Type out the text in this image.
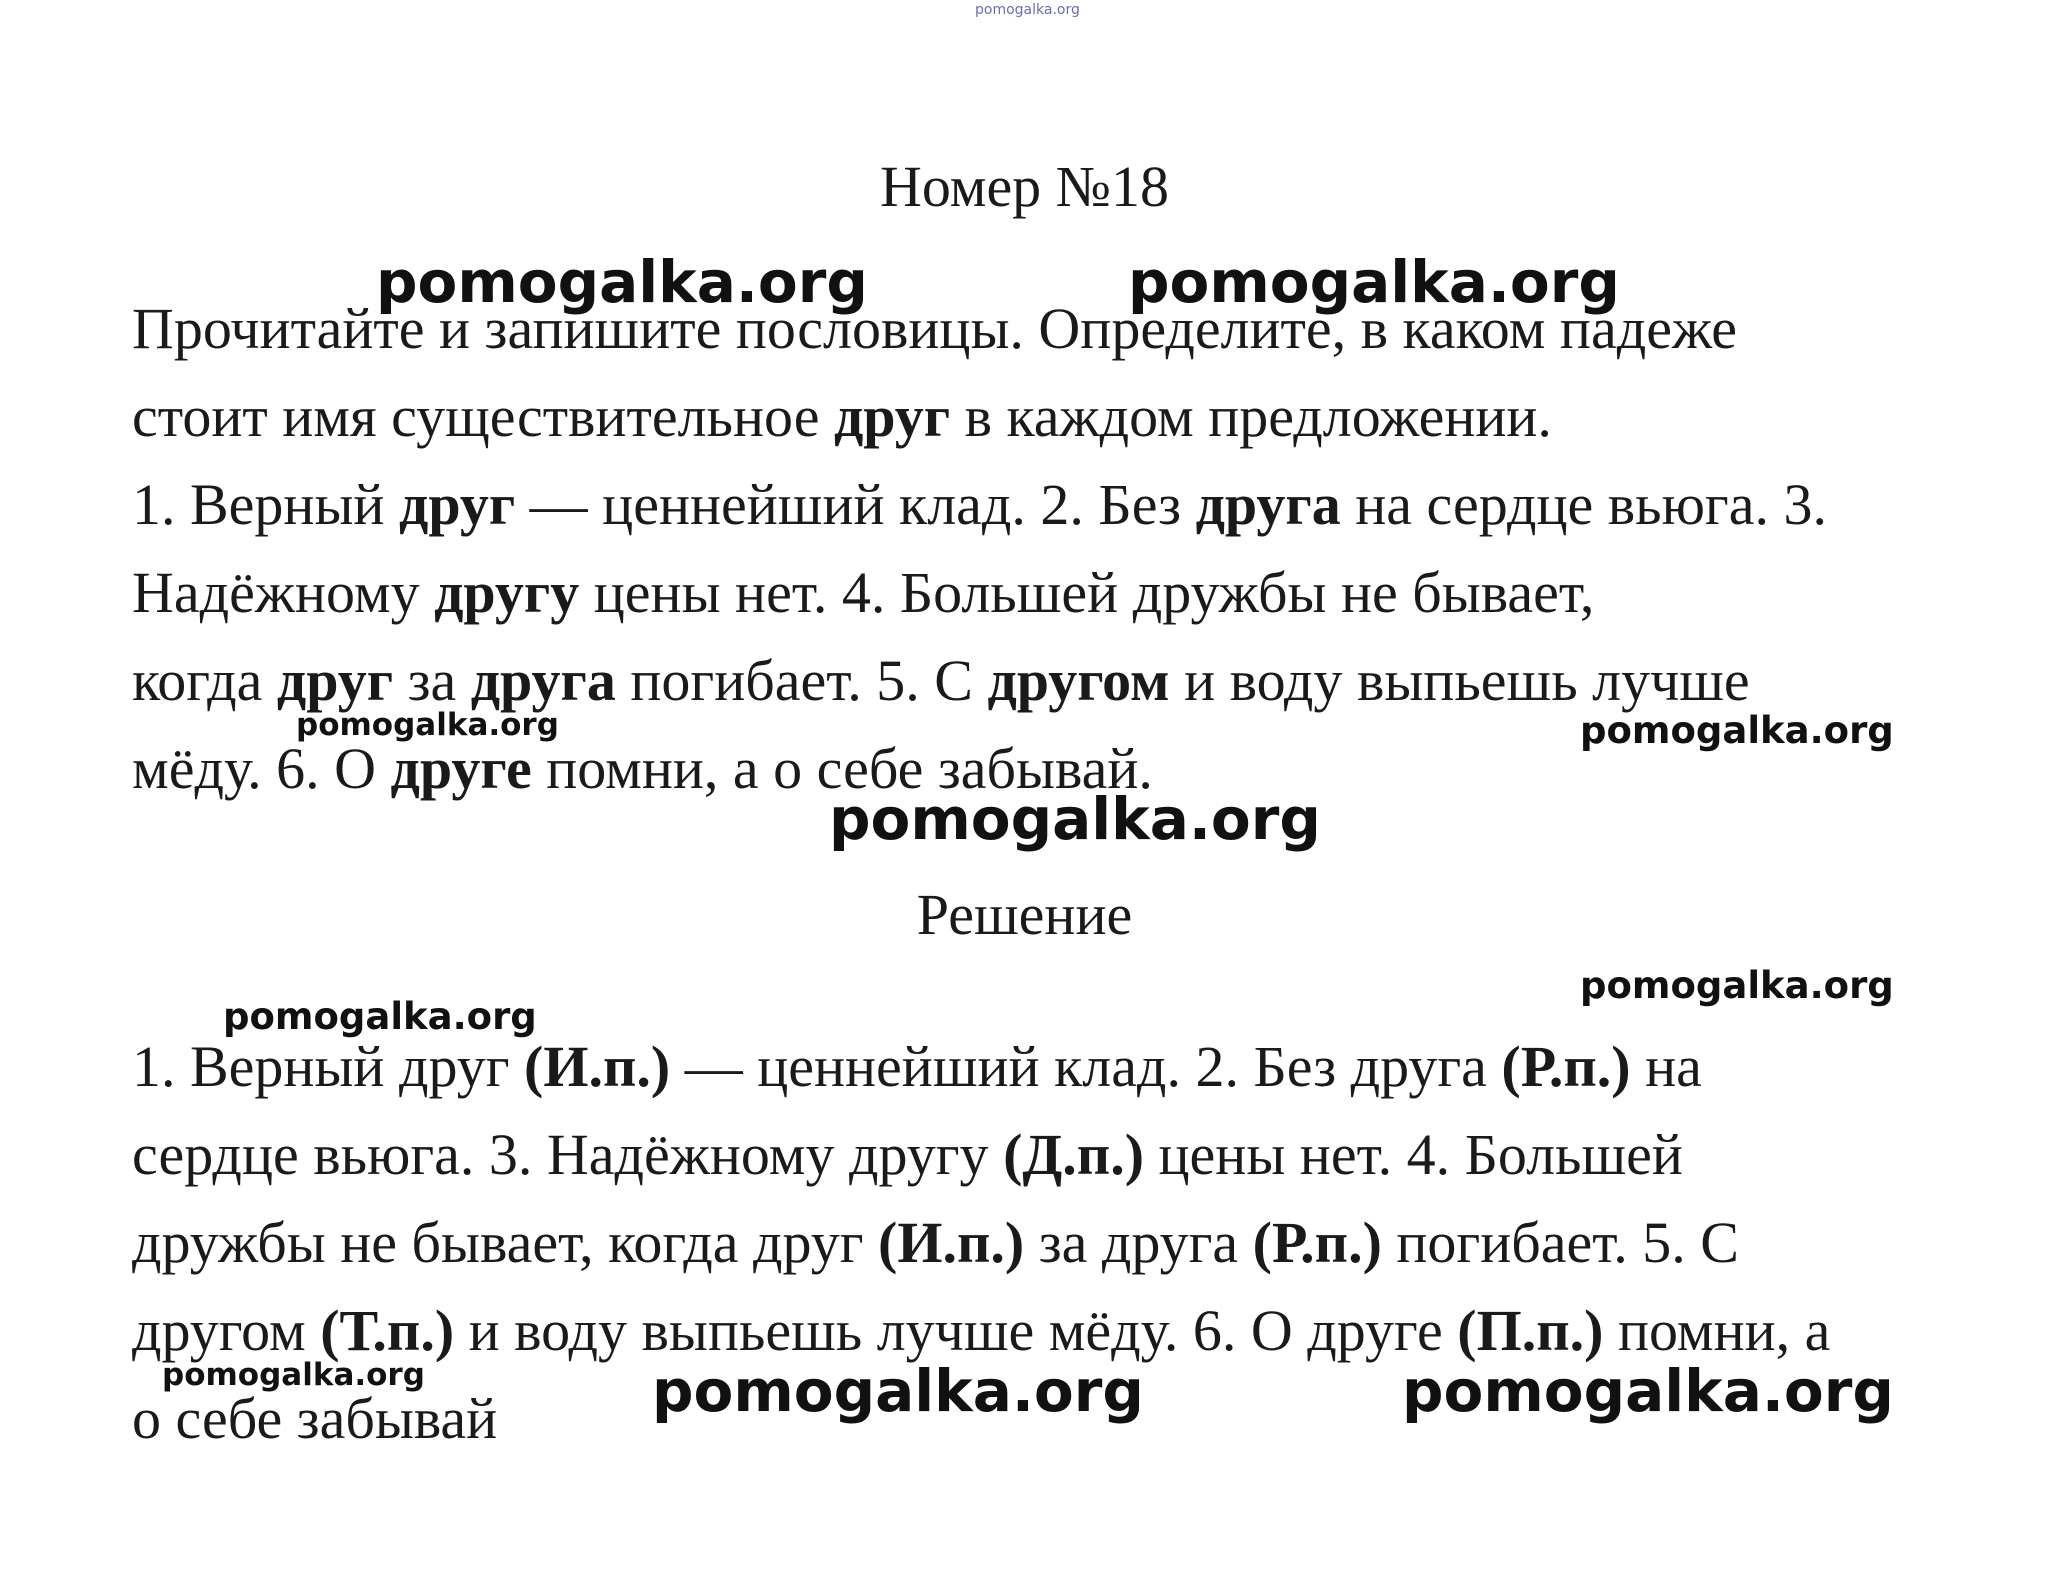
pomogalka.org
pomogalka.org	pomogalka.org
pomogalka.org	pomogalka.org
pomogalka.org
pomogalka.org
pomogalka.org
pomogalka.org	pomogalka.org	pomogalka.org
Номер №18
Прочитайте и запишите пословицы. Определите, в каком падеже
стоит имя существительное друг в каждом предложении.
1. Верный друг — ценнейший клад. 2. Без друга на сердце вьюга. 3.
Надёжному другу цены нет. 4. Большей дружбы не бывает,
когда друг за друга погибает. 5. С другом и воду выпьешь лучше
мёду. 6. О друге помни, а о себе забывай.
Решение
1. Верный друг (И.п.) — ценнейший клад. 2. Без друга (Р.п.) на
сердце вьюга. 3. Надёжному другу (Д.п.) цены нет. 4. Большей
дружбы не бывает, когда друг (И.п.) за друга (Р.п.) погибает. 5. С
другом (Т.п.) и воду выпьешь лучше мёду. 6. О друге (П.п.) помни, а
о себе забывай
